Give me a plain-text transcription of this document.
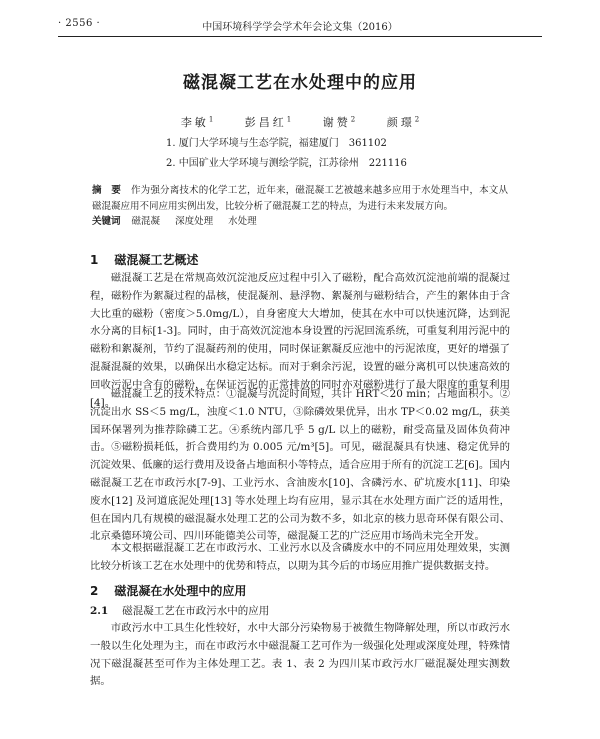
· 2556 ·	中国环境科学学会学术年会论文集（2016）
磁混凝工艺在水处理中的应用
李敏$^1$	彭昌红$^1$	谢赞$^2$	颜璟$^2$
1. 厦门大学环境与生态学院，福建厦门　361102
2. 中国矿业大学环境与测绘学院，江苏徐州　221116
摘　要 作为强分离技术的化学工艺，近年来，磁混凝工艺被越来越多应用于水处理当中，本文从磁混凝应用不同应用实例出发，比较分析了磁混凝工艺的特点，为进行未来发展方向。
关键词 磁混凝 深度处理 水处理
1 磁混凝工艺概述

磁混凝工艺是在常规高效沉淀池反应过程中引入了磁粉，配合高效沉淀池前端的混凝过程，磁粉作为絮凝过程的晶核，使混凝剂、悬浮物、絮凝剂与磁粉结合，产生的絮体由于含大比重的磁粉（密度＞5.0mg/L），自身密度大大增加，使其在水中可以快速沉降，达到泥水分离的目标[1-3]。同时，由于高效沉淀池本身设置的污泥回流系统，可重复利用污泥中的磁粉和絮凝剂，节约了混凝药剂的使用，同时保证絮凝反应池中的污泥浓度，更好的增强了混凝混凝的效果，以确保出水稳定达标。而对于剩余污泥，设置的磁分离机可以快速高效的回收污泥中含有的磁粉，在保证污泥的正常排放的同时亦对磁粉进行了最大限度的重复利用[4]。

磁混凝工艺的技术特点：①混凝与沉淀时间短，共计 HRT＜20 min；占地面积小。②沉淀出水 SS＜5 mg/L，浊度＜1.0 NTU，③除磷效果优异，出水 TP＜0.02 mg/L，获美国环保署列为推荐除磷工艺。④系统内部几乎 5 g/L 以上的磁粉，耐受高量及固体负荷冲击。⑤磁粉损耗低，折合费用约为 0.005 元/m³[5]。可见，磁混凝具有快速、稳定优异的沉淀效果、低廉的运行费用及设备占地面积小等特点，适合应用于所有的沉淀工艺[6]。国内磁混凝工艺在市政污水[7-9]、工业污水、含油废水[10]、含磷污水、矿坑废水[11]、印染废水[12] 及河道底泥处理[13] 等水处理上均有应用，显示其在水处理方面广泛的适用性，但在国内几有规模的磁混凝水处理工艺的公司为数不多，如北京的核力思奇环保有限公司、北京桑德环境公司、四川环能德美公司等，磁混凝工艺的广泛应用市场尚未完全开发。

本文根据磁混凝工艺在市政污水、工业污水以及含磷废水中的不同应用处理效果，实测比较分析该工艺在水处理中的优势和特点，以期为其今后的市场应用推广提供数据支持。

2 磁混凝在水处理中的应用
2.1 磁混凝工艺在市政污水中的应用

市政污水中工具生化性较好，水中大部分污染物易于被微生物降解处理，所以市政污水一般以生化处理为主，而在市政污水中磁混凝工艺可作为一级强化处理或深度处理，特殊情况下磁混凝甚至可作为主体处理工艺。表 1、表 2 为四川某市政污水厂磁混凝处理实测数据。
